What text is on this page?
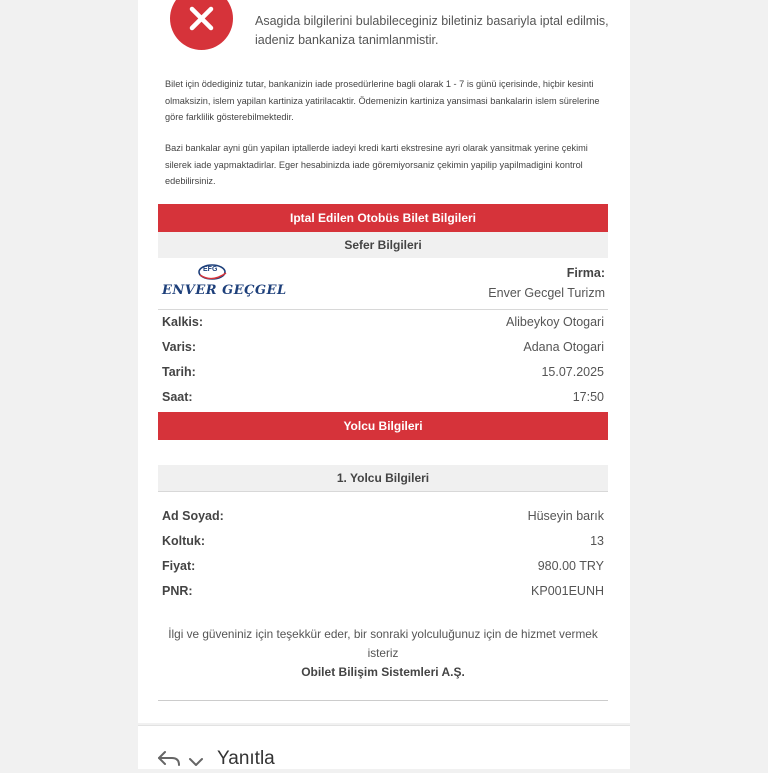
Asagida bilgilerini bulabileceginiz biletiniz basariyla iptal edilmis, iadeniz bankaniza tanimlanmistir.
Bilet için ödediginiz tutar, bankanizin iade prosedürlerine bagli olarak 1 - 7 is günü içerisinde, hiçbir kesinti olmaksizin, islem yapilan kartiniza yatirilacaktir. Ödemenizin kartiniza yansimasi bankalarin islem sürelerine göre farklilik gösterebilmektedir.
Bazi bankalar ayni gün yapilan iptallerde iadeyi kredi karti ekstresine ayri olarak yansitmak yerine çekimi silerek iade yapmaktadirlar. Eger hesabinizda iade göremiyorsaniz çekimin yapilip yapilmadigini kontrol edebilirsiniz.
Iptal Edilen Otobüs Bilet Bilgileri
Sefer Bilgileri
EFG
ENVER GEÇGEL
Firma:
Enver Gecgel Turizm
Kalkis:	Alibeykoy Otogari
Varis:	Adana Otogari
Tarih:	15.07.2025
Saat:	17:50
Yolcu Bilgileri
1. Yolcu Bilgileri
Ad Soyad:	Hüseyin barık
Koltuk:	13
Fiyat:	980.00 TRY
PNR:	KP001EUNH
İlgi ve güveniniz için teşekkür eder, bir sonraki yolculuğunuz için de hizmet vermek isteriz
Obilet Bilişim Sistemleri A.Ş.
Yanıtla
